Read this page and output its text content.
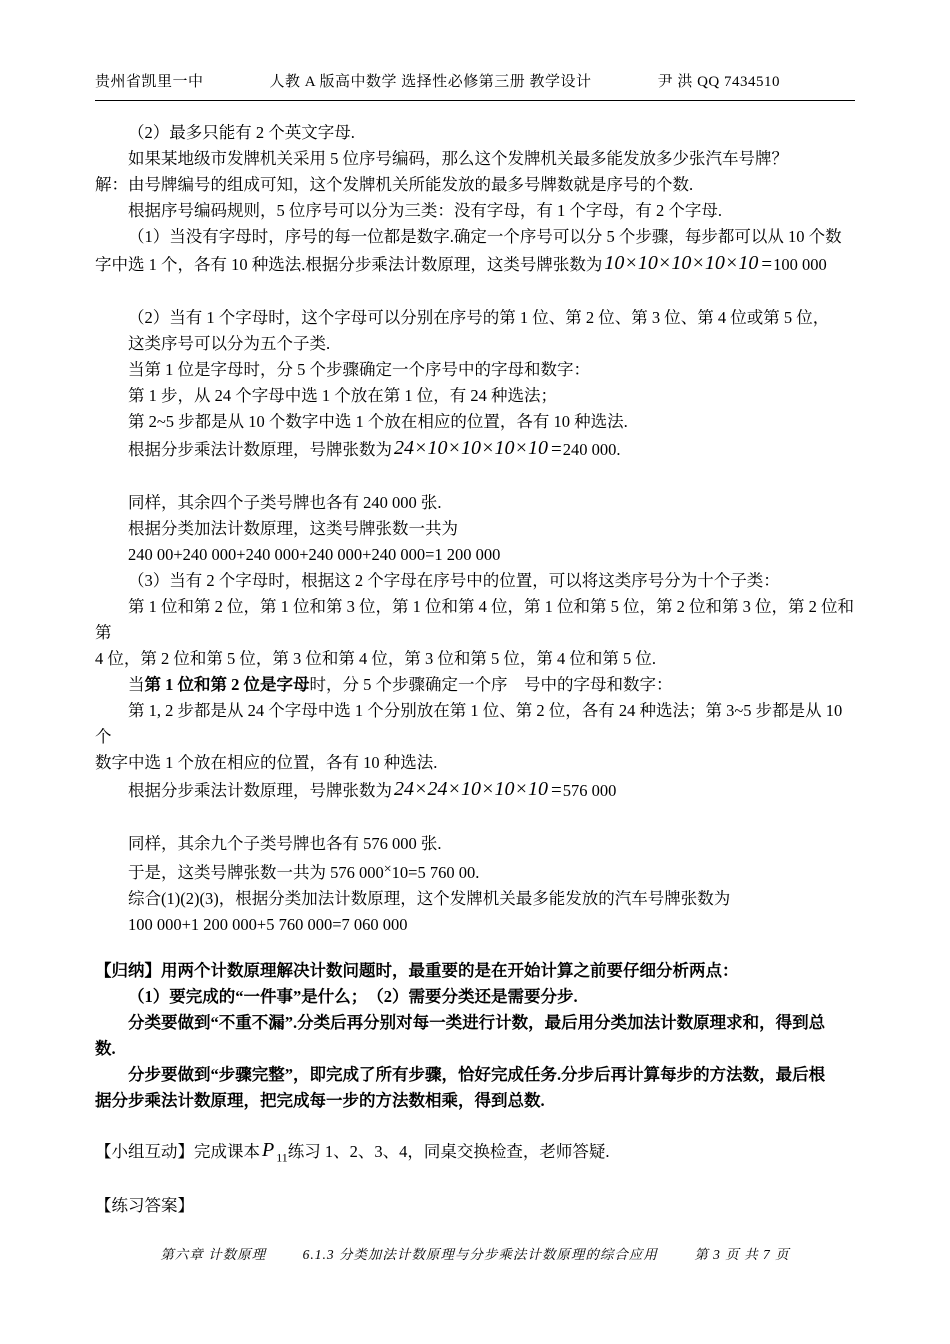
贵州省凯里一中	人教 A 版高中数学 选择性必修第三册 教学设计	尹 洪 QQ 7434510
（2）最多只能有 2 个英文字母.
如果某地级市发牌机关采用 5 位序号编码，那么这个发牌机关最多能发放多少张汽车号牌？
解：由号牌编号的组成可知，这个发牌机关所能发放的最多号牌数就是序号的个数.
根据序号编码规则，5 位序号可以分为三类：没有字母，有 1 个字母，有 2 个字母.
（1）当没有字母时，序号的每一位都是数字.确定一个序号可以分 5 个步骤，每步都可以从 10 个数
字中选 1 个，各有 10 种选法.根据分步乘法计数原理，这类号牌张数为 10×10×10×10×10 =100 000
（2）当有 1 个字母时，这个字母可以分别在序号的第 1 位、第 2 位、第 3 位、第 4 位或第 5 位，
这类序号可以分为五个子类.
当第 1 位是字母时，分 5 个步骤确定一个序号中的字母和数字：
第 1 步，从 24 个字母中选 1 个放在第 1 位，有 24 种选法；
第 2~5 步都是从 10 个数字中选 1 个放在相应的位置，各有 10 种选法.
根据分步乘法计数原理，号牌张数为 24×10×10×10×10 =240 000.
同样，其余四个子类号牌也各有 240 000 张.
根据分类加法计数原理，这类号牌张数一共为
240 00+240 000+240 000+240 000+240 000=1 200 000
（3）当有 2 个字母时，根据这 2 个字母在序号中的位置，可以将这类序号分为十个子类：
第 1 位和第 2 位，第 1 位和第 3 位，第 1 位和第 4 位，第 1 位和第 5 位，第 2 位和第 3 位，第 2 位和第
4 位，第 2 位和第 5 位，第 3 位和第 4 位，第 3 位和第 5 位，第 4 位和第 5 位.
当第 1 位和第 2 位是字母时，分 5 个步骤确定一个序　号中的字母和数字：
第 1, 2 步都是从 24 个字母中选 1 个分别放在第 1 位、第 2 位，各有 24 种选法；第 3~5 步都是从 10 个
数字中选 1 个放在相应的位置，各有 10 种选法.
根据分步乘法计数原理，号牌张数为 24×24×10×10×10 =576 000
同样，其余九个子类号牌也各有 576 000 张.
于是，这类号牌张数一共为 576 000×10=5 760 00.
综合(1)(2)(3)，根据分类加法计数原理，这个发牌机关最多能发放的汽车号牌张数为
100 000+1 200 000+5 760 000=7 060 000
【归纳】用两个计数原理解决计数问题时，最重要的是在开始计算之前要仔细分析两点：
（1）要完成的“一件事”是什么；　（2）需要分类还是需要分步.
分类要做到“不重不漏”.分类后再分别对每一类进行计数，最后用分类加法计数原理求和，得到总
数.
分步要做到“步骤完整”，即完成了所有步骤，恰好完成任务.分步后再计算每步的方法数，最后根
据分步乘法计数原理，把完成每一步的方法数相乘，得到总数.
【小组互动】完成课本 P $_{11}$练习 1、2、3、4，同桌交换检查，老师答疑.
【练习答案】
第六章 计数原理	6.1.3 分类加法计数原理与分步乘法计数原理的综合应用	第 3 页 共 7 页
